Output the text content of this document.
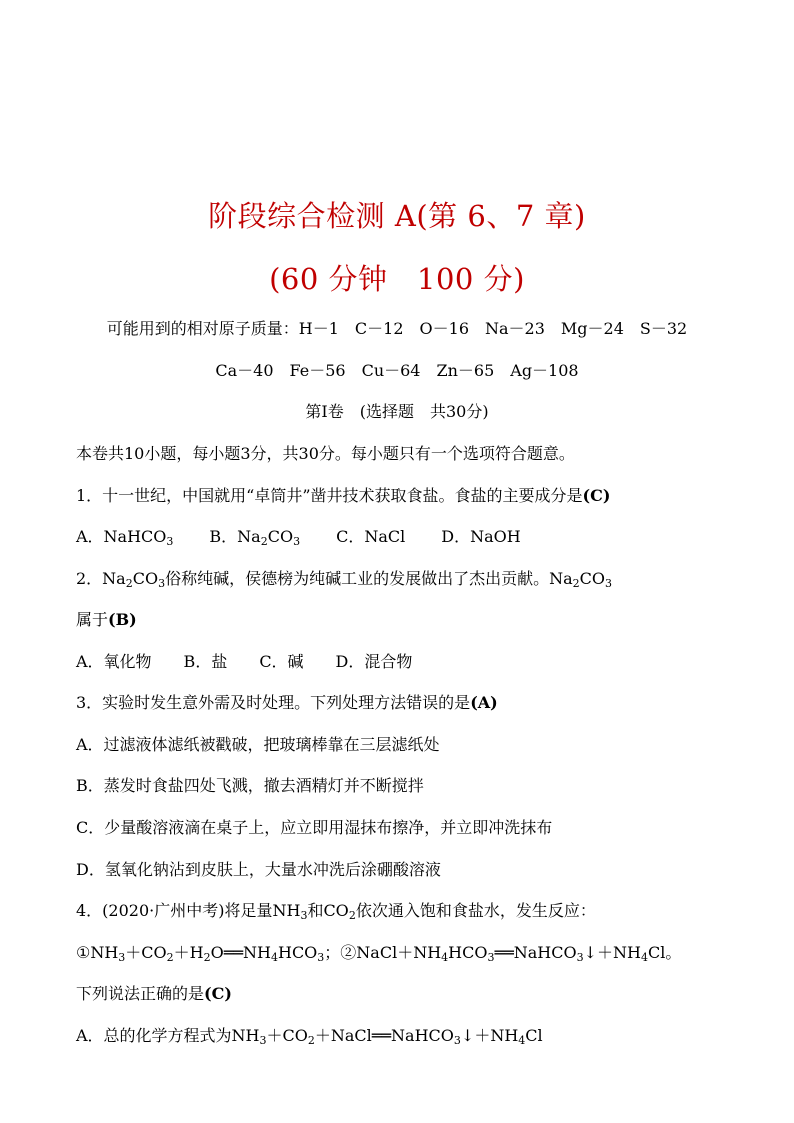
阶段综合检测 A(第 6、7 章)
(60 分钟　100 分)
可能用到的相对原子质量：H－1　C－12　O－16　Na－23　Mg－24　S－32
Ca－40　Fe－56　Cu－64　Zn－65　Ag－108
第Ⅰ卷　(选择题　共30分)
本卷共10小题，每小题3分，共30分。每小题只有一个选项符合题意。
1．十一世纪，中国就用“卓筒井”凿井技术获取食盐。食盐的主要成分是(C)
A．NaHCO$_3$ B．$Na_2CO_3$ C．NaCl D．NaOH
2．$Na_2CO_3$俗称纯碱，侯德榜为纯碱工业的发展做出了杰出贡献。$Na_2CO_3$
属于(B)
A．氧化物　　B．盐　　C．碱　　D．混合物
3．实验时发生意外需及时处理。下列处理方法错误的是(A)
A．过滤液体滤纸被戳破，把玻璃棒靠在三层滤纸处
B．蒸发时食盐四处飞溅，撤去酒精灯并不断搅拌
C．少量酸溶液滴在桌子上，应立即用湿抹布擦净，并立即冲洗抹布
D．氢氧化钠沾到皮肤上，大量水冲洗后涂硼酸溶液
4．(2020·广州中考)将足量$NH_3$和$CO_2$依次通入饱和食盐水，发生反应：
$①NH_3+CO_2+H_2O══NH_4HCO_3$；$②NaCl+NH_4HCO_3══NaHCO_3↓+NH_4Cl$。
下列说法正确的是(C)
A．总的化学方程式为$NH_3+CO_2+NaCl══NaHCO_3↓+NH_4Cl$
